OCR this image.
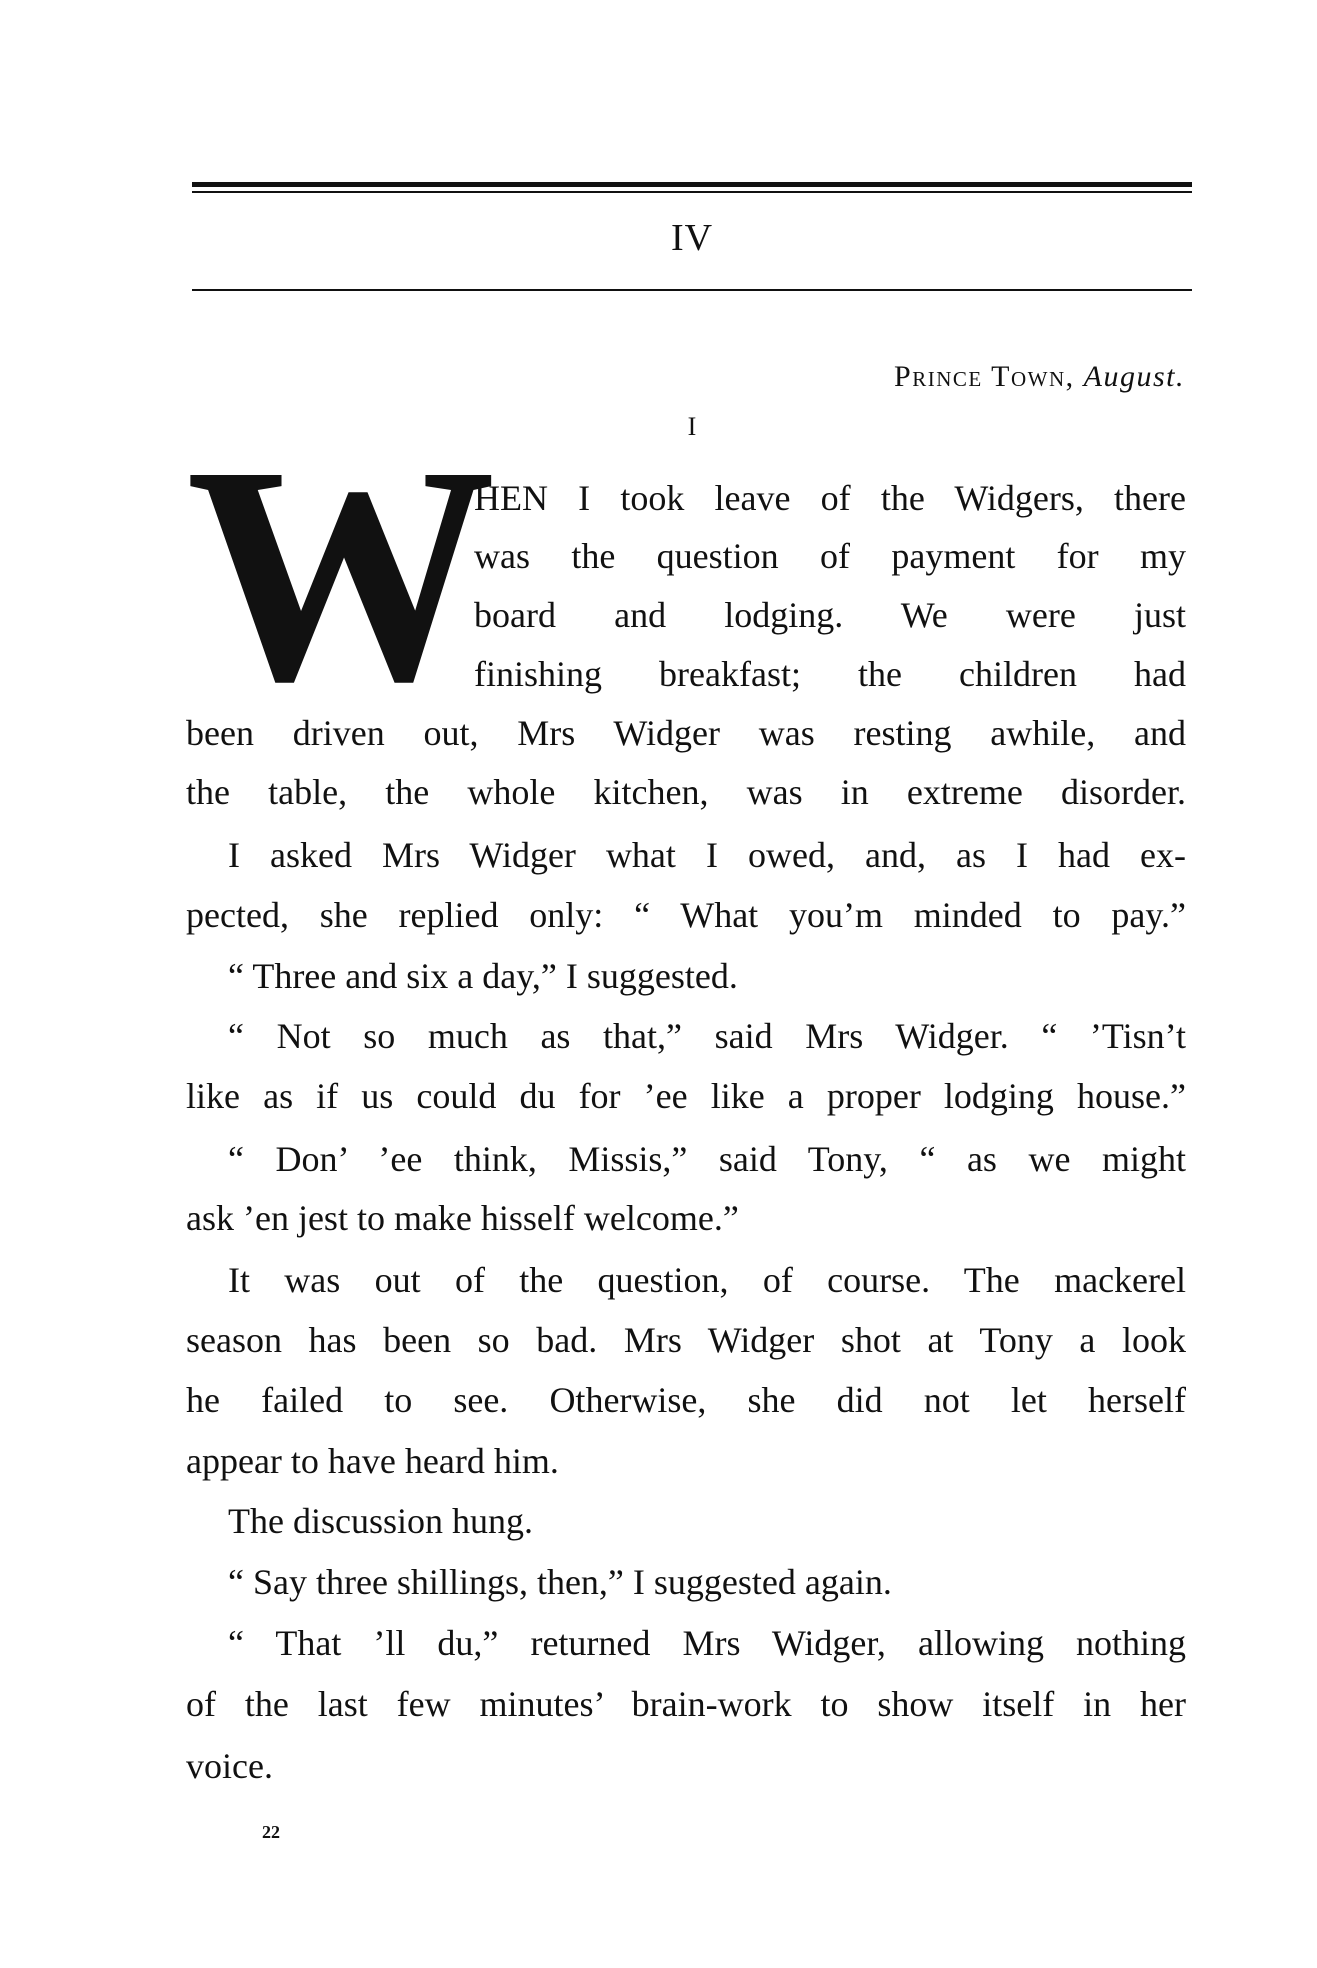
IV
Prince Town, August.
I
W
HEN I took leave of the Widgers, there
was the question of payment for my
board and lodging. We were just
finishing breakfast; the children had
been driven out, Mrs Widger was resting awhile, and
the table, the whole kitchen, was in extreme disorder.
I asked Mrs Widger what I owed, and, as I had ex-
pected, she replied only: “ What you’m minded to pay.”
“ Three and six a day,” I suggested.
“ Not so much as that,” said Mrs Widger. “ ’Tisn’t
like as if us could du for ’ee like a proper lodging house.”
“ Don’ ’ee think, Missis,” said Tony, “ as we might
ask ’en jest to make hisself welcome.”
It was out of the question, of course. The mackerel
season has been so bad. Mrs Widger shot at Tony a look
he failed to see. Otherwise, she did not let herself
appear to have heard him.
The discussion hung.
“ Say three shillings, then,” I suggested again.
“ That ’ll du,” returned Mrs Widger, allowing nothing
of the last few minutes’ brain-work to show itself in her
voice.
22
